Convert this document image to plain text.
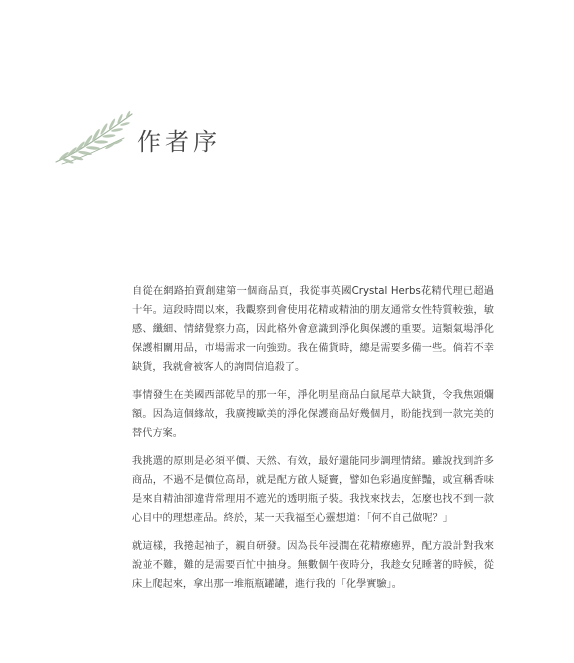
作者序

自從在網路拍賣創建第一個商品頁，我從事英國Crystal Herbs花精代理已超過十年。這段時間以來，我觀察到會使用花精或精油的朋友通常女性特質較強，敏感、纖細、情緒覺察力高，因此格外會意識到淨化與保護的重要。這類氣場淨化保護相關用品，市場需求一向強勁。我在備貨時，總是需要多備一些。倘若不幸缺貨，我就會被客人的詢問信追殺了。

事情發生在美國西部乾旱的那一年，淨化明星商品白鼠尾草大缺貨，令我焦頭爛額。因為這個緣故，我廣搜歐美的淨化保護商品好幾個月，盼能找到一款完美的替代方案。

我挑選的原則是必須平價、天然、有效，最好還能同步調理情緒。雖說找到許多商品，不過不是價位高昂，就是配方啟人疑竇，譬如色彩過度鮮豔，或宣稱香味是來自精油卻違背常理用不遮光的透明瓶子裝。我找來找去，怎麼也找不到一款心目中的理想產品。終於，某一天我福至心靈想道：「何不自己做呢？」

就這樣，我捲起袖子，親自研發。因為長年浸潤在花精療癒界，配方設計對我來說並不難，難的是需要百忙中抽身。無數個午夜時分，我趁女兒睡著的時候，從床上爬起來，拿出那一堆瓶瓶罐罐，進行我的「化學實驗」。
